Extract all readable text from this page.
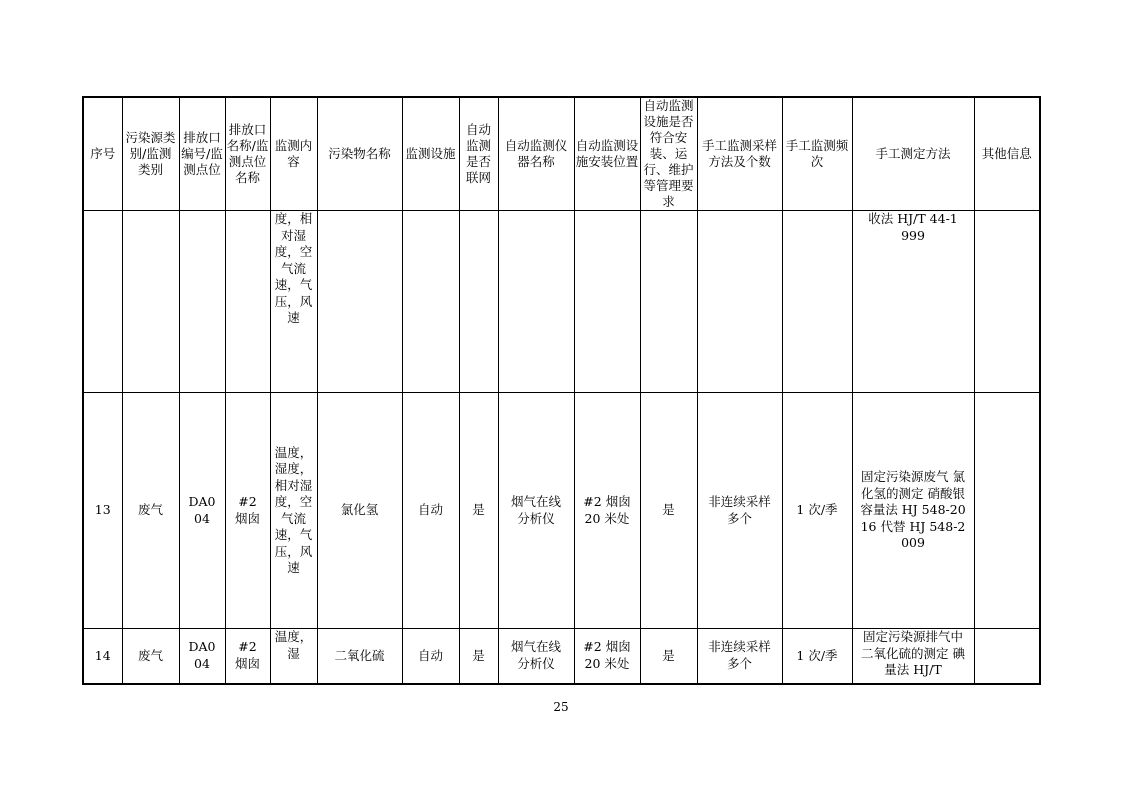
序号	污染源类别/监测类别	排放口编号/监测点位	排放口名称/监测点位名称	监测内容	污染物名称	监测设施	自动监测是否联网	自动监测仪器名称	自动监测设施安装位置	自动监测设施是否符合安装、运行、维护等管理要求	手工监测采样方法及个数	手工监测频次	手工测定方法	其他信息
				度，相对湿度，空气流速，气压，风速									收法 HJ/T 44-1999	
13	废气	DA004	#2 烟囱	温度，湿度，相对湿度，空气流速，气压，风速	氯化氢	自动	是	烟气在线分析仪	#2 烟囱 20 米处	是	非连续采样 多个	1 次/季	固定污染源废气 氯化氢的测定 硝酸银容量法 HJ 548-2016 代替 HJ 548-2009	
14	废气	DA004	#2 烟囱	温度，湿	二氧化硫	自动	是	烟气在线分析仪	#2 烟囱 20 米处	是	非连续采样 多个	1 次/季	固定污染源排气中二氧化硫的测定 碘量法 HJ/T	
25
